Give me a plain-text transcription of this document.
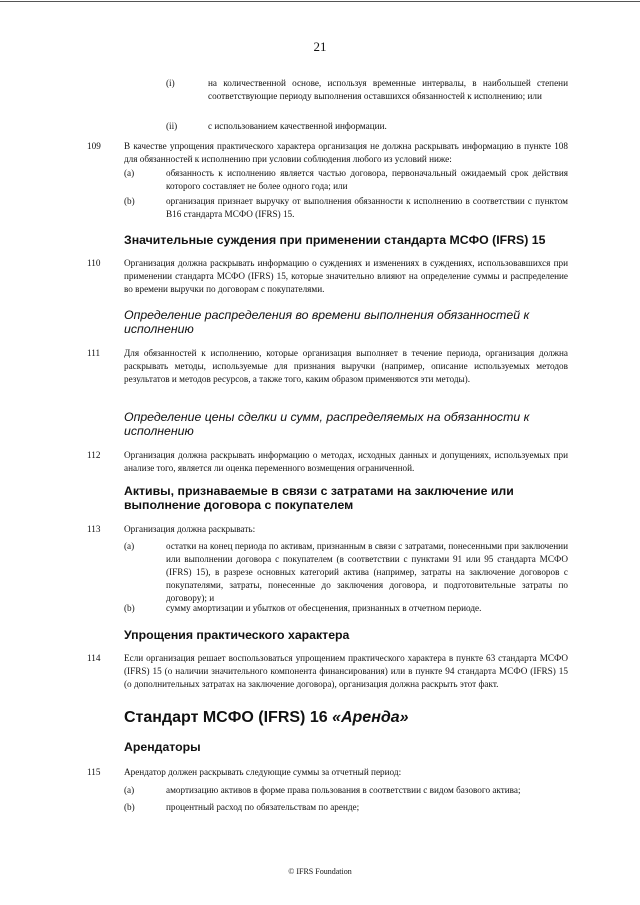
21
(i)	на количественной основе, используя временные интервалы, в наибольшей степени соответствующие периоду выполнения оставшихся обязанностей к исполнению; или
(ii)	с использованием качественной информации.
109	В качестве упрощения практического характера организация не должна раскрывать информацию в пункте 108 для обязанностей к исполнению при условии соблюдения любого из условий ниже:
(a)	обязанность к исполнению является частью договора, первоначальный ожидаемый срок действия которого составляет не более одного года; или
(b)	организация признает выручку от выполнения обязанности к исполнению в соответствии с пунктом B16 стандарта МСФО (IFRS) 15.
Значительные суждения при применении стандарта МСФО (IFRS) 15
110	Организация должна раскрывать информацию о суждениях и изменениях в суждениях, использовавшихся при применении стандарта МСФО (IFRS) 15, которые значительно влияют на определение суммы и распределение во времени выручки по договорам с покупателями.
Определение распределения во времени выполнения обязанностей к исполнению
111	Для обязанностей к исполнению, которые организация выполняет в течение периода, организация должна раскрывать методы, используемые для признания выручки (например, описание используемых методов результатов и методов ресурсов, а также того, каким образом применяются эти методы).
Определение цены сделки и сумм, распределяемых на обязанности к исполнению
112	Организация должна раскрывать информацию о методах, исходных данных и допущениях, используемых при анализе того, является ли оценка переменного возмещения ограниченной.
Активы, признаваемые в связи с затратами на заключение или выполнение договора с покупателем
113	Организация должна раскрывать:
(a)	остатки на конец периода по активам, признанным в связи с затратами, понесенными при заключении или выполнении договора с покупателем (в соответствии с пунктами 91 или 95 стандарта МСФО (IFRS) 15), в разрезе основных категорий актива (например, затраты на заключение договоров с покупателями, затраты, понесенные до заключения договора, и подготовительные затраты по договору); и
(b)	сумму амортизации и убытков от обесценения, признанных в отчетном периоде.
Упрощения практического характера
114	Если организация решает воспользоваться упрощением практического характера в пункте 63 стандарта МСФО (IFRS) 15 (о наличии значительного компонента финансирования) или в пункте 94 стандарта МСФО (IFRS) 15 (о дополнительных затратах на заключение договора), организация должна раскрыть этот факт.
Стандарт МСФО (IFRS) 16 «Аренда»
Арендаторы
115	Арендатор должен раскрывать следующие суммы за отчетный период:
(a)	амортизацию активов в форме права пользования в соответствии с видом базового актива;
(b)	процентный расход по обязательствам по аренде;
© IFRS Foundation
